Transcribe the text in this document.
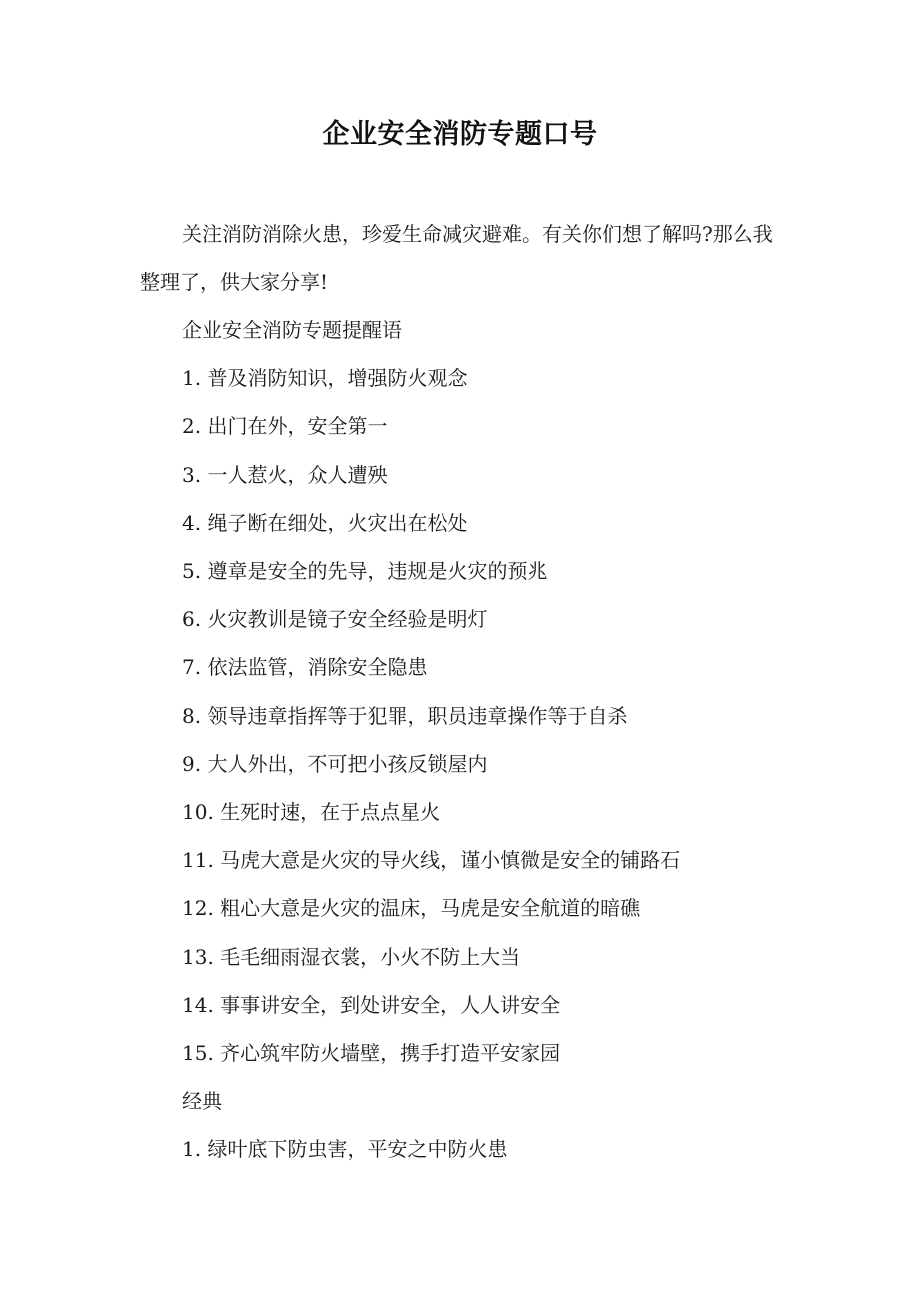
企业安全消防专题口号

关注消防消除火患，珍爱生命减灾避难。有关你们想了解吗?那么我整理了，供大家分享!

企业安全消防专题提醒语

1. 普及消防知识，增强防火观念

2. 出门在外，安全第一

3. 一人惹火，众人遭殃

4. 绳子断在细处，火灾出在松处

5. 遵章是安全的先导，违规是火灾的预兆

6. 火灾教训是镜子安全经验是明灯

7. 依法监管，消除安全隐患

8. 领导违章指挥等于犯罪，职员违章操作等于自杀

9. 大人外出，不可把小孩反锁屋内

10. 生死时速，在于点点星火

11. 马虎大意是火灾的导火线，谨小慎微是安全的铺路石

12. 粗心大意是火灾的温床，马虎是安全航道的暗礁

13. 毛毛细雨湿衣裳，小火不防上大当

14. 事事讲安全，到处讲安全，人人讲安全

15. 齐心筑牢防火墙壁，携手打造平安家园

经典

1. 绿叶底下防虫害，平安之中防火患
